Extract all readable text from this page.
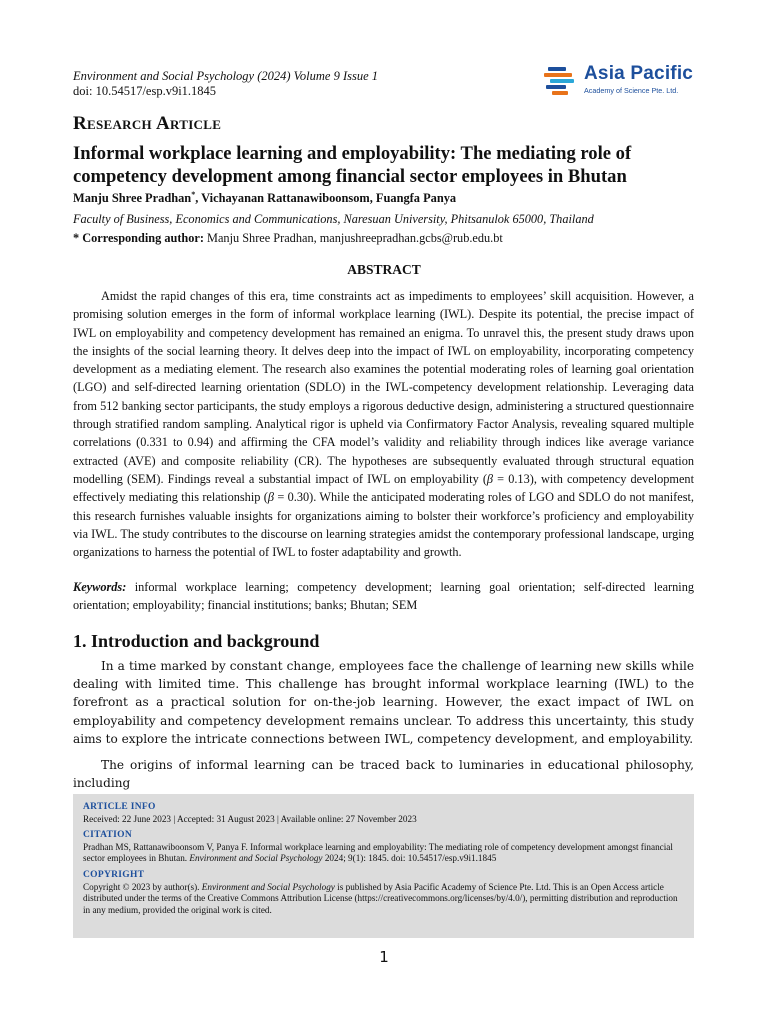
Environment and Social Psychology (2024) Volume 9 Issue 1
doi: 10.54517/esp.v9i1.1845
Asia Pacific
Academy of Science Pte. Ltd.
Research Article
Informal workplace learning and employability: The mediating role of competency development among financial sector employees in Bhutan
Manju Shree Pradhan*, Vichayanan Rattanawiboonsom, Fuangfa Panya
Faculty of Business, Economics and Communications, Naresuan University, Phitsanulok 65000, Thailand
* Corresponding author: Manju Shree Pradhan, manjushreepradhan.gcbs@rub.edu.bt
ABSTRACT
Amidst the rapid changes of this era, time constraints act as impediments to employees’ skill acquisition. However, a promising solution emerges in the form of informal workplace learning (IWL). Despite its potential, the precise impact of IWL on employability and competency development has remained an enigma. To unravel this, the present study draws upon the insights of the social learning theory. It delves deep into the impact of IWL on employability, incorporating competency development as a mediating element. The research also examines the potential moderating roles of learning goal orientation (LGO) and self-directed learning orientation (SDLO) in the IWL-competency development relationship. Leveraging data from 512 banking sector participants, the study employs a rigorous deductive design, administering a structured questionnaire through stratified random sampling. Analytical rigor is upheld via Confirmatory Factor Analysis, revealing squared multiple correlations (0.331 to 0.94) and affirming the CFA model’s validity and reliability through indices like average variance extracted (AVE) and composite reliability (CR). The hypotheses are subsequently evaluated through structural equation modelling (SEM). Findings reveal a substantial impact of IWL on employability (β = 0.13), with competency development effectively mediating this relationship (β = 0.30). While the anticipated moderating roles of LGO and SDLO do not manifest, this research furnishes valuable insights for organizations aiming to bolster their workforce’s proficiency and employability via IWL. The study contributes to the discourse on learning strategies amidst the contemporary professional landscape, urging organizations to harness the potential of IWL to foster adaptability and growth.
Keywords: informal workplace learning; competency development; learning goal orientation; self-directed learning orientation; employability; financial institutions; banks; Bhutan; SEM
1. Introduction and background

In a time marked by constant change, employees face the challenge of learning new skills while dealing with limited time. This challenge has brought informal workplace learning (IWL) to the forefront as a practical solution for on-the-job learning. However, the exact impact of IWL on employability and competency development remains unclear. To address this uncertainty, this study aims to explore the intricate connections between IWL, competency development, and employability.

The origins of informal learning can be traced back to luminaries in educational philosophy, including

ARTICLE INFO
Received: 22 June 2023 | Accepted: 31 August 2023 | Available online: 27 November 2023
CITATION
Pradhan MS, Rattanawiboonsom V, Panya F. Informal workplace learning and employability: The mediating role of competency development amongst financial sector employees in Bhutan. Environment and Social Psychology 2024; 9(1): 1845. doi: 10.54517/esp.v9i1.1845
COPYRIGHT
Copyright © 2023 by author(s). Environment and Social Psychology is published by Asia Pacific Academy of Science Pte. Ltd. This is an Open Access article distributed under the terms of the Creative Commons Attribution License (https://creativecommons.org/licenses/by/4.0/), permitting distribution and reproduction in any medium, provided the original work is cited.
1
